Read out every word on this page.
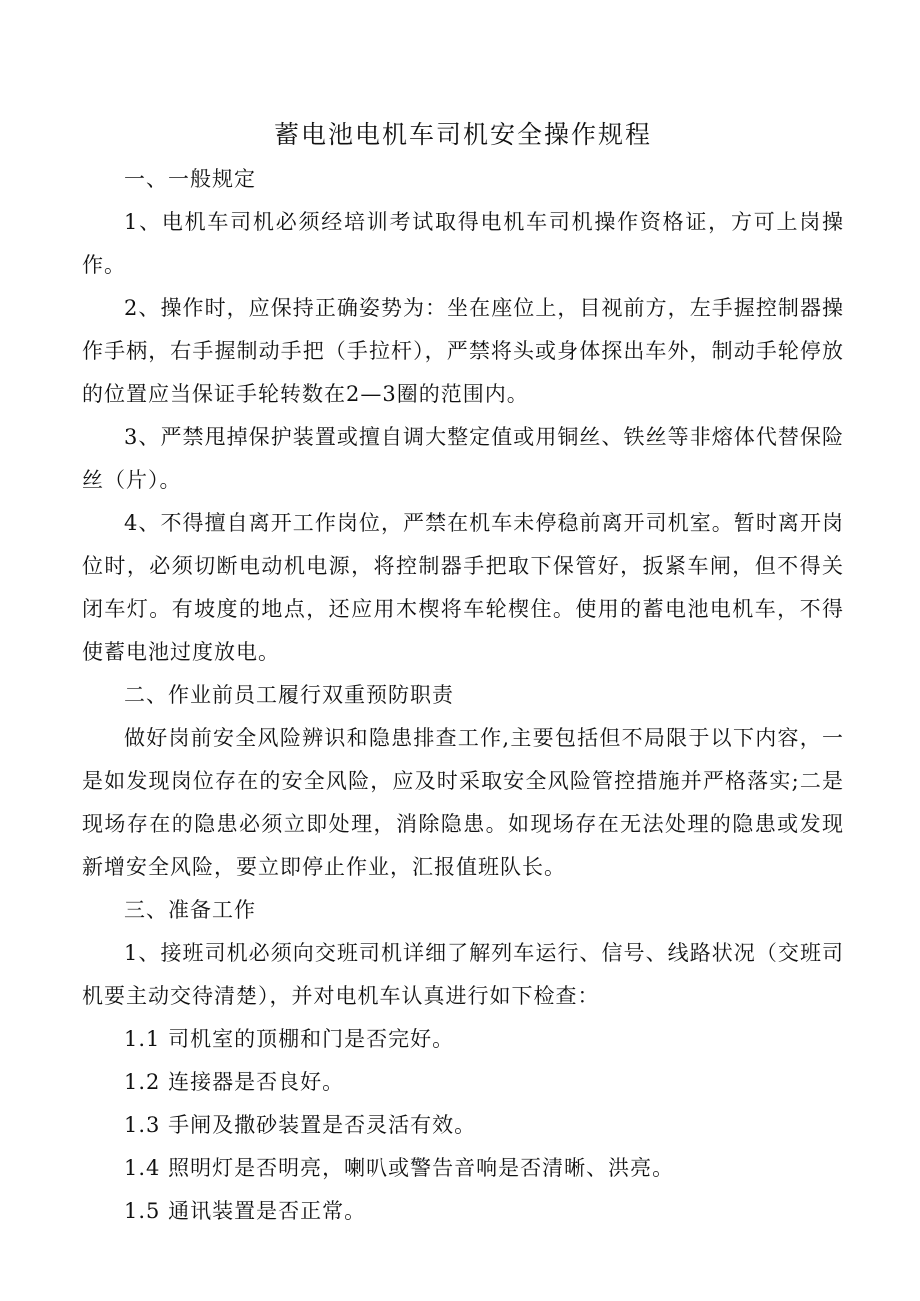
蓄电池电机车司机安全操作规程

一、一般规定

1、电机车司机必须经培训考试取得电机车司机操作资格证，方可上岗操作。

2、操作时，应保持正确姿势为：坐在座位上，目视前方，左手握控制器操作手柄，右手握制动手把（手拉杆），严禁将头或身体探出车外，制动手轮停放的位置应当保证手轮转数在2—3圈的范围内。

3、严禁甩掉保护装置或擅自调大整定值或用铜丝、铁丝等非熔体代替保险丝（片）。

4、不得擅自离开工作岗位，严禁在机车未停稳前离开司机室。暂时离开岗位时，必须切断电动机电源，将控制器手把取下保管好，扳紧车闸，但不得关闭车灯。有坡度的地点，还应用木楔将车轮楔住。使用的蓄电池电机车，不得使蓄电池过度放电。

二、作业前员工履行双重预防职责

做好岗前安全风险辨识和隐患排查工作,主要包括但不局限于以下内容，一是如发现岗位存在的安全风险，应及时采取安全风险管控措施并严格落实;二是现场存在的隐患必须立即处理，消除隐患。如现场存在无法处理的隐患或发现新增安全风险，要立即停止作业，汇报值班队长。

三、准备工作

1、接班司机必须向交班司机详细了解列车运行、信号、线路状况（交班司机要主动交待清楚），并对电机车认真进行如下检查：

1.1 司机室的顶棚和门是否完好。

1.2 连接器是否良好。

1.3 手闸及撒砂装置是否灵活有效。

1.4 照明灯是否明亮，喇叭或警告音响是否清晰、洪亮。

1.5 通讯装置是否正常。
